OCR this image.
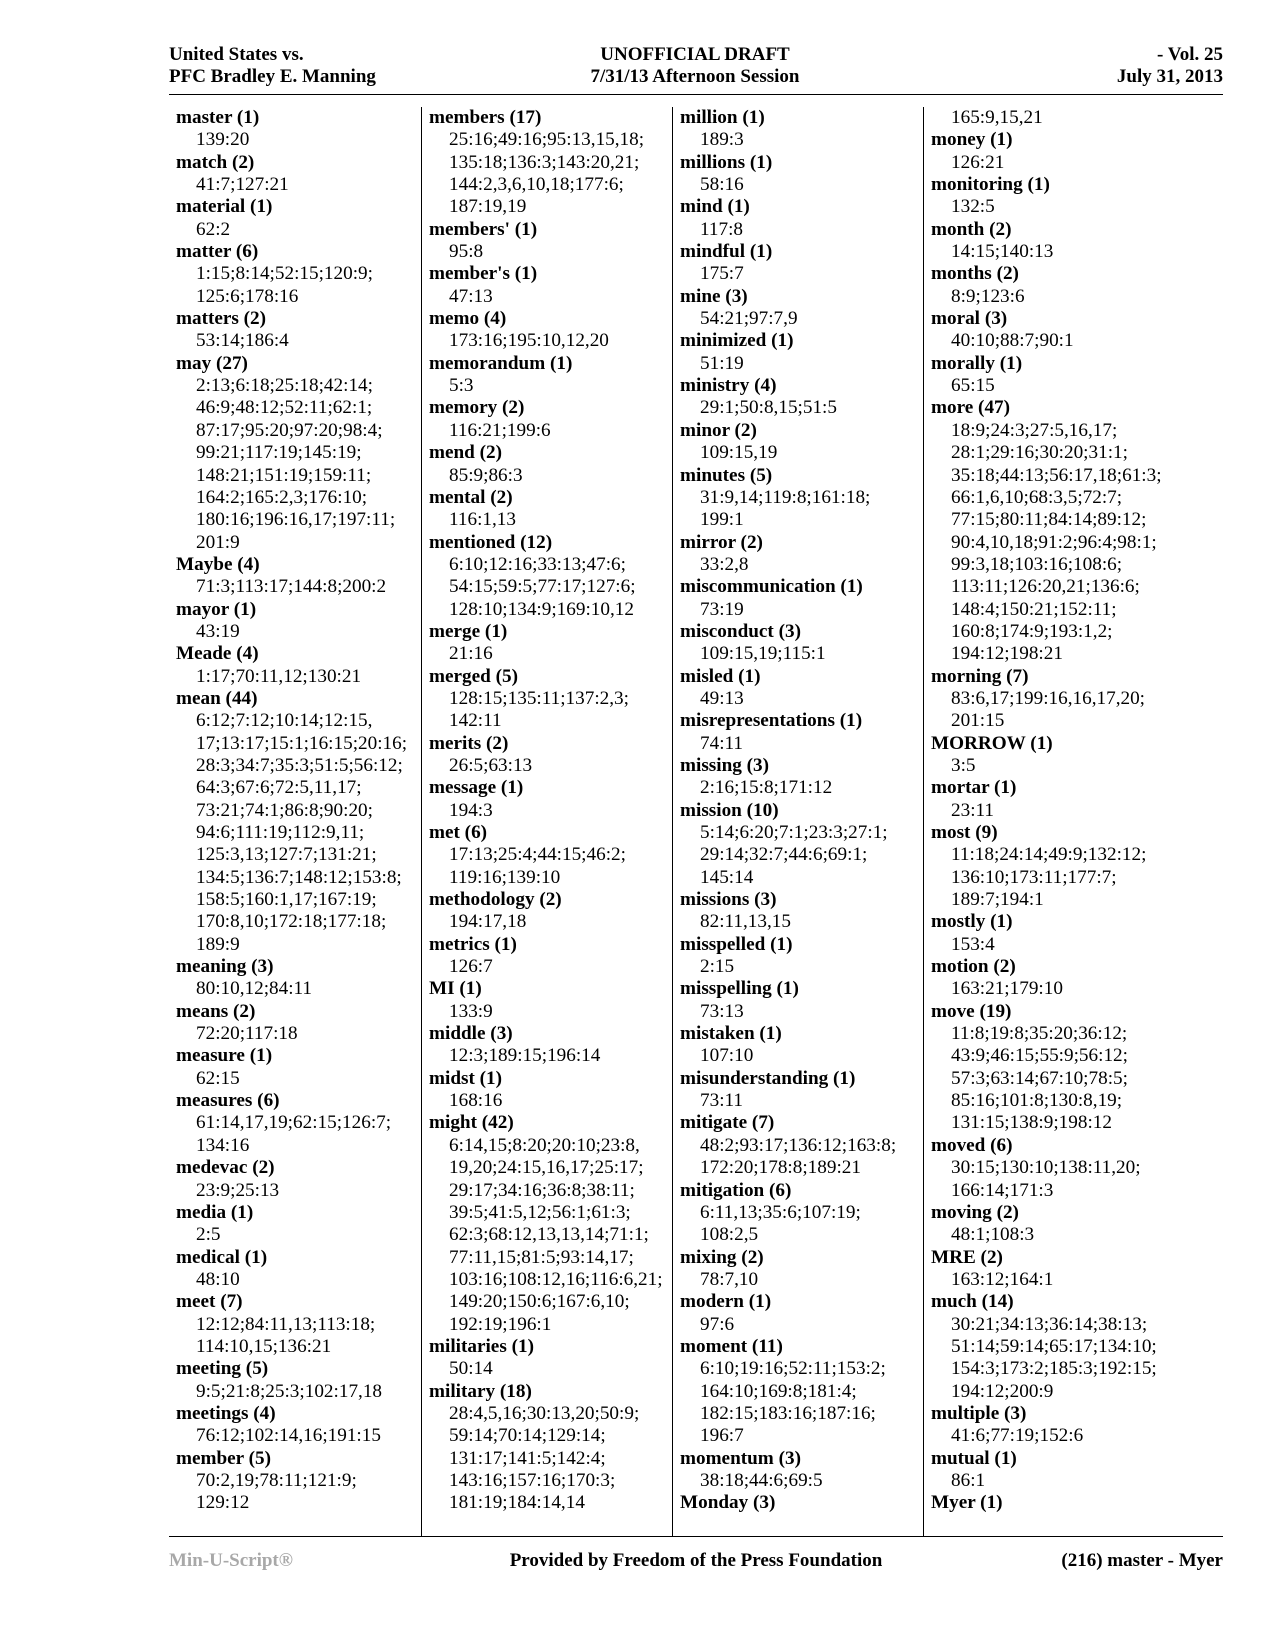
United States vs.
PFC Bradley E. Manning
UNOFFICIAL DRAFT
7/31/13 Afternoon Session
- Vol. 25
July 31, 2013
master (1)
139:20
match (2)
41:7;127:21
material (1)
62:2
matter (6)
1:15;8:14;52:15;120:9;
125:6;178:16
matters (2)
53:14;186:4
may (27)
2:13;6:18;25:18;42:14;
46:9;48:12;52:11;62:1;
87:17;95:20;97:20;98:4;
99:21;117:19;145:19;
148:21;151:19;159:11;
164:2;165:2,3;176:10;
180:16;196:16,17;197:11;
201:9
Maybe (4)
71:3;113:17;144:8;200:2
mayor (1)
43:19
Meade (4)
1:17;70:11,12;130:21
mean (44)
6:12;7:12;10:14;12:15,
17;13:17;15:1;16:15;20:16;
28:3;34:7;35:3;51:5;56:12;
64:3;67:6;72:5,11,17;
73:21;74:1;86:8;90:20;
94:6;111:19;112:9,11;
125:3,13;127:7;131:21;
134:5;136:7;148:12;153:8;
158:5;160:1,17;167:19;
170:8,10;172:18;177:18;
189:9
meaning (3)
80:10,12;84:11
means (2)
72:20;117:18
measure (1)
62:15
measures (6)
61:14,17,19;62:15;126:7;
134:16
medevac (2)
23:9;25:13
media (1)
2:5
medical (1)
48:10
meet (7)
12:12;84:11,13;113:18;
114:10,15;136:21
meeting (5)
9:5;21:8;25:3;102:17,18
meetings (4)
76:12;102:14,16;191:15
member (5)
70:2,19;78:11;121:9;
129:12
members (17)
25:16;49:16;95:13,15,18;
135:18;136:3;143:20,21;
144:2,3,6,10,18;177:6;
187:19,19
members' (1)
95:8
member's (1)
47:13
memo (4)
173:16;195:10,12,20
memorandum (1)
5:3
memory (2)
116:21;199:6
mend (2)
85:9;86:3
mental (2)
116:1,13
mentioned (12)
6:10;12:16;33:13;47:6;
54:15;59:5;77:17;127:6;
128:10;134:9;169:10,12
merge (1)
21:16
merged (5)
128:15;135:11;137:2,3;
142:11
merits (2)
26:5;63:13
message (1)
194:3
met (6)
17:13;25:4;44:15;46:2;
119:16;139:10
methodology (2)
194:17,18
metrics (1)
126:7
MI (1)
133:9
middle (3)
12:3;189:15;196:14
midst (1)
168:16
might (42)
6:14,15;8:20;20:10;23:8,
19,20;24:15,16,17;25:17;
29:17;34:16;36:8;38:11;
39:5;41:5,12;56:1;61:3;
62:3;68:12,13,13,14;71:1;
77:11,15;81:5;93:14,17;
103:16;108:12,16;116:6,21;
149:20;150:6;167:6,10;
192:19;196:1
militaries (1)
50:14
military (18)
28:4,5,16;30:13,20;50:9;
59:14;70:14;129:14;
131:17;141:5;142:4;
143:16;157:16;170:3;
181:19;184:14,14
million (1)
189:3
millions (1)
58:16
mind (1)
117:8
mindful (1)
175:7
mine (3)
54:21;97:7,9
minimized (1)
51:19
ministry (4)
29:1;50:8,15;51:5
minor (2)
109:15,19
minutes (5)
31:9,14;119:8;161:18;
199:1
mirror (2)
33:2,8
miscommunication (1)
73:19
misconduct (3)
109:15,19;115:1
misled (1)
49:13
misrepresentations (1)
74:11
missing (3)
2:16;15:8;171:12
mission (10)
5:14;6:20;7:1;23:3;27:1;
29:14;32:7;44:6;69:1;
145:14
missions (3)
82:11,13,15
misspelled (1)
2:15
misspelling (1)
73:13
mistaken (1)
107:10
misunderstanding (1)
73:11
mitigate (7)
48:2;93:17;136:12;163:8;
172:20;178:8;189:21
mitigation (6)
6:11,13;35:6;107:19;
108:2,5
mixing (2)
78:7,10
modern (1)
97:6
moment (11)
6:10;19:16;52:11;153:2;
164:10;169:8;181:4;
182:15;183:16;187:16;
196:7
momentum (3)
38:18;44:6;69:5
Monday (3)
165:9,15,21
money (1)
126:21
monitoring (1)
132:5
month (2)
14:15;140:13
months (2)
8:9;123:6
moral (3)
40:10;88:7;90:1
morally (1)
65:15
more (47)
18:9;24:3;27:5,16,17;
28:1;29:16;30:20;31:1;
35:18;44:13;56:17,18;61:3;
66:1,6,10;68:3,5;72:7;
77:15;80:11;84:14;89:12;
90:4,10,18;91:2;96:4;98:1;
99:3,18;103:16;108:6;
113:11;126:20,21;136:6;
148:4;150:21;152:11;
160:8;174:9;193:1,2;
194:12;198:21
morning (7)
83:6,17;199:16,16,17,20;
201:15
MORROW (1)
3:5
mortar (1)
23:11
most (9)
11:18;24:14;49:9;132:12;
136:10;173:11;177:7;
189:7;194:1
mostly (1)
153:4
motion (2)
163:21;179:10
move (19)
11:8;19:8;35:20;36:12;
43:9;46:15;55:9;56:12;
57:3;63:14;67:10;78:5;
85:16;101:8;130:8,19;
131:15;138:9;198:12
moved (6)
30:15;130:10;138:11,20;
166:14;171:3
moving (2)
48:1;108:3
MRE (2)
163:12;164:1
much (14)
30:21;34:13;36:14;38:13;
51:14;59:14;65:17;134:10;
154:3;173:2;185:3;192:15;
194:12;200:9
multiple (3)
41:6;77:19;152:6
mutual (1)
86:1
Myer (1)
Min-U-Script®	Provided by Freedom of the Press Foundation	(216) master - Myer
